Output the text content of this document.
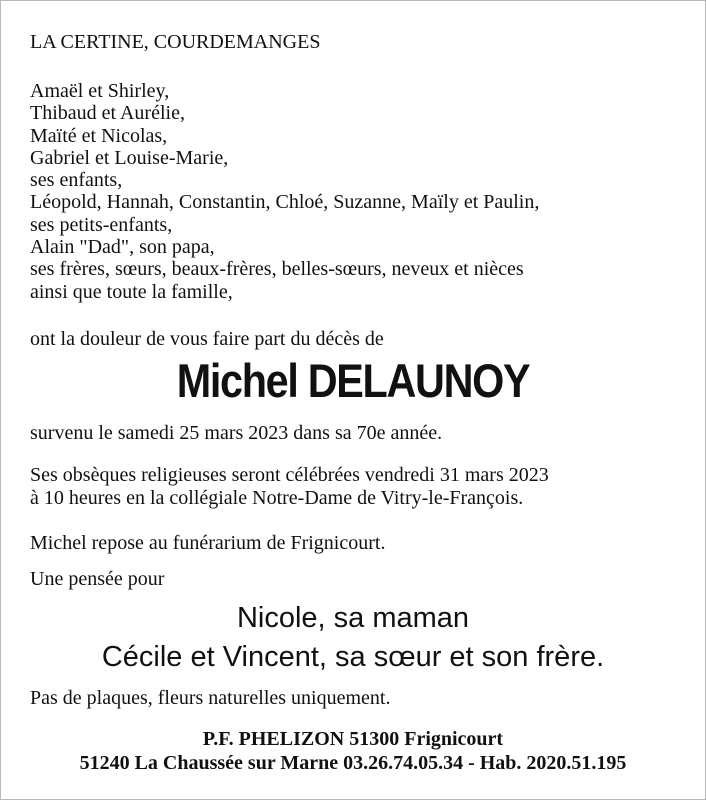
LA CERTINE, COURDEMANGES
Amaël et Shirley,
Thibaud et Aurélie,
Maïté et Nicolas,
Gabriel et Louise-Marie,
ses enfants,
Léopold, Hannah, Constantin, Chloé, Suzanne, Maïly et Paulin,
ses petits-enfants,
Alain "Dad", son papa,
ses frères, sœurs, beaux-frères, belles-sœurs, neveux et nièces
ainsi que toute la famille,
ont la douleur de vous faire part du décès de
Michel DELAUNOY
survenu le samedi 25 mars 2023 dans sa 70e année.
Ses obsèques religieuses seront célébrées vendredi 31 mars 2023
à 10 heures en la collégiale Notre-Dame de Vitry-le-François.
Michel repose au funérarium de Frignicourt.
Une pensée pour
Nicole, sa maman
Cécile et Vincent, sa sœur et son frère.
Pas de plaques, fleurs naturelles uniquement.
P.F. PHELIZON 51300 Frignicourt
51240 La Chaussée sur Marne 03.26.74.05.34 - Hab. 2020.51.195
